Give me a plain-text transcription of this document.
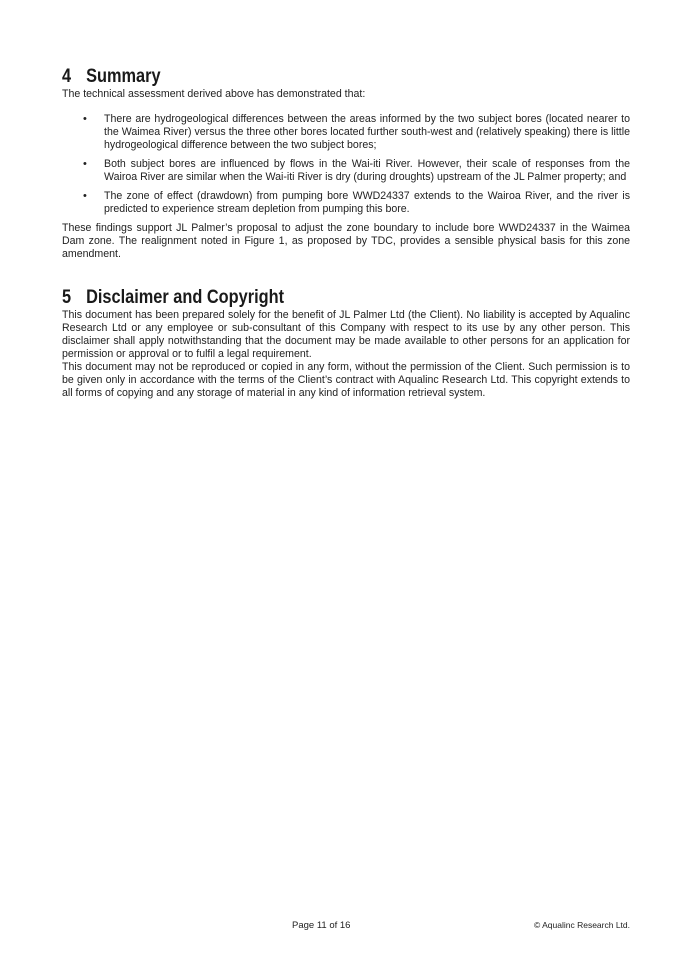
4 Summary

The technical assessment derived above has demonstrated that:

• There are hydrogeological differences between the areas informed by the two subject bores (located nearer to the Waimea River) versus the three other bores located further south-west and (relatively speaking) there is little hydrogeological difference between the two subject bores;
• Both subject bores are influenced by flows in the Wai-iti River. However, their scale of responses from the Wairoa River are similar when the Wai-iti River is dry (during droughts) upstream of the JL Palmer property; and
• The zone of effect (drawdown) from pumping bore WWD24337 extends to the Wairoa River, and the river is predicted to experience stream depletion from pumping this bore.

These findings support JL Palmer’s proposal to adjust the zone boundary to include bore WWD24337 in the Waimea Dam zone. The realignment noted in Figure 1, as proposed by TDC, provides a sensible physical basis for this zone amendment.

5 Disclaimer and Copyright

This document has been prepared solely for the benefit of JL Palmer Ltd (the Client). No liability is accepted by Aqualinc Research Ltd or any employee or sub-consultant of this Company with respect to its use by any other person. This disclaimer shall apply notwithstanding that the document may be made available to other persons for an application for permission or approval or to fulfil a legal requirement.

This document may not be reproduced or copied in any form, without the permission of the Client. Such permission is to be given only in accordance with the terms of the Client’s contract with Aqualinc Research Ltd. This copyright extends to all forms of copying and any storage of material in any kind of information retrieval system.

Page 11 of 16	© Aqualinc Research Ltd.
